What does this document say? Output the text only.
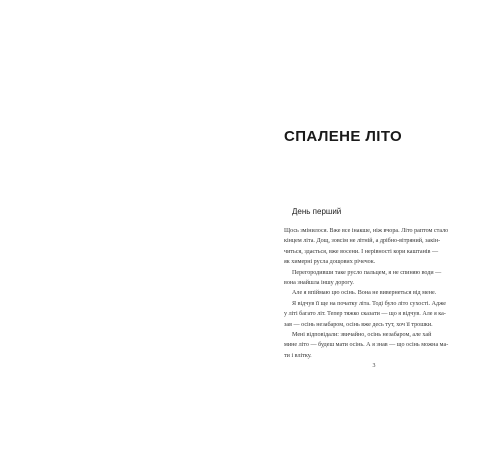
СПАЛЕНЕ ЛІТО
День перший
Щось змінилося. Вже все інакше, ніж вчора. Літо раптом стало
кінцем літа. Дощ, зовсім не літній, а дрібно-вітряний, закін-
читься, здається, вже восени. І нерівності кори каштанів —
як химерні русла дощових річечок.
Перегородивши таке русло пальцем, я не спиняю води —
вона знайшла іншу дорогу.
Але я впіймаю цю осінь. Вона не вивернеться від мене.
Я відчув її ще на початку літа. Тоді було літо сухості. Адже
у літі багато літ. Тепер тяжко сказати — що я відчув. Але я ка-
зав — осінь незабаром, осінь вже десь тут, хоч її трошки.
Мені відповідали: звичайно, осінь незабаром, але хай
мине літо — будеш мати осінь. А я знав — що осінь можна ма-
ти і влітку.
3
